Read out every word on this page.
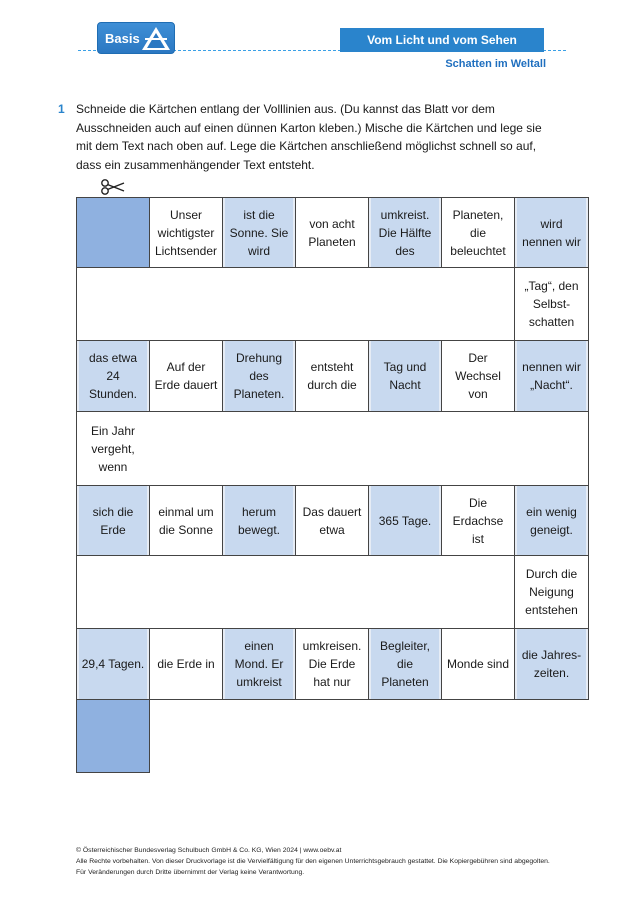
Basis	Vom Licht und vom Sehen
Schatten im Weltall
1 Schneide die Kärtchen entlang der Volllinien aus. (Du kannst das Blatt vor dem
Ausschneiden auch auf einen dünnen Karton kleben.) Mische die Kärtchen und lege sie
mit dem Text nach oben auf. Lege die Kärtchen anschließend möglichst schnell so auf,
dass ein zusammenhängender Text entsteht.
Unser wichtigster Lichtsender
ist die Sonne. Sie wird
von acht Planeten
umkreist. Die Hälfte des
Planeten, die beleuchtet
wird nennen wir
„Tag“, den Selbst-schatten
das etwa 24 Stunden.
Auf der Erde dauert
Drehung des Planeten.
entsteht durch die
Tag und Nacht
Der Wechsel von
nennen wir „Nacht“.
Ein Jahr vergeht, wenn
sich die Erde
einmal um die Sonne
herum bewegt.
Das dauert etwa
365 Tage.
Die Erdachse ist
ein wenig geneigt.
Durch die Neigung entstehen
29,4 Tagen. die Erde in
einen Mond. Er umkreist
umkreisen. Die Erde hat nur
Begleiter, die Planeten
Monde sind
die Jahres-zeiten.
© Österreichischer Bundesverlag Schulbuch GmbH & Co. KG, Wien 2024 | www.oebv.at
Alle Rechte vorbehalten. Von dieser Druckvorlage ist die Vervielfältigung für den eigenen Unterrichtsgebrauch gestattet. Die Kopiergebühren sind abgegolten.
Für Veränderungen durch Dritte übernimmt der Verlag keine Verantwortung.
